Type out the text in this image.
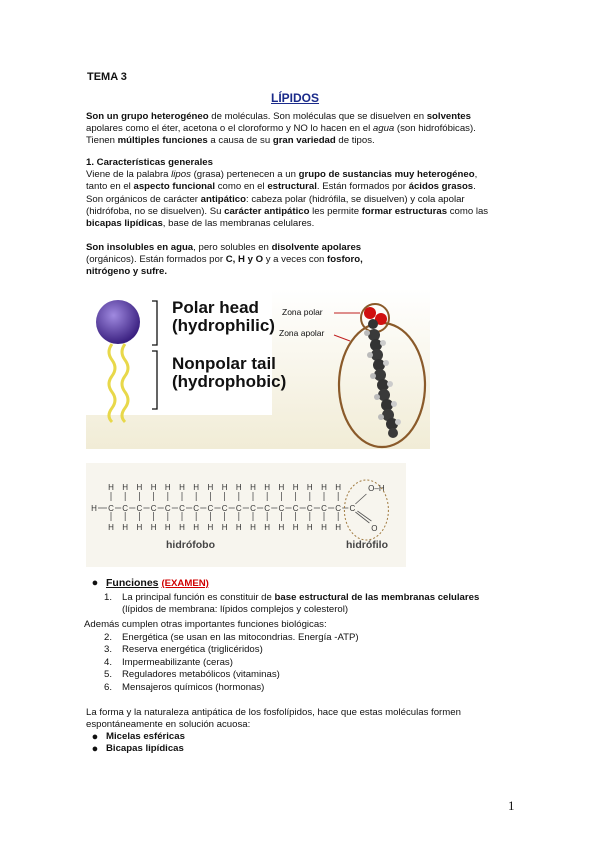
TEMA 3
LÍPIDOS

Son un grupo heterogéneo de moléculas. Son moléculas que se disuelven en solventes

apolares como el éter, acetona o el cloroformo y NO lo hacen en el agua (son hidrofóbicas).

Tienen múltiples funciones a causa de su gran variedad de tipos.

1. Características generales

Viene de la palabra lipos (grasa) pertenecen a un grupo de sustancias muy heterogéneo,

tanto en el aspecto funcional como en el estructural. Están formados por ácidos grasos.

Son orgánicos de carácter antipático: cabeza polar (hidrófila, se disuelven) y cola apolar

(hidrófoba, no se disuelven). Su carácter antipático les permite formar estructuras como las

bicapas lipídicas, base de las membranas celulares.

Son insolubles en agua, pero solubles en disolvente apolares

(orgánicos). Están formados por C, H y O y a veces con fosforo,

nitrógeno y sufre.

Polar head
(hydrophilic)
Nonpolar tail
(hydrophobic)
Zona polar
Zona apolar
H C
H
H
C
H
H
C
H
H
C
H
H
C
H
H
C
H
H
C
H
H
C
H
H
C
H
H
C
H
H
C
H
H
C
H
H
C
H
H
C
H
H
C
H
H
C
H
H
C
H
H
C
O–H
O
hidrófobo	hidrófilo
● Funciones
(EXAMEN)
1.	La principal función es constituir de base estructural de las membranas celulares
(lípidos de membrana: lípidos complejos y colesterol)
Además cumplen otras importantes funciones biológicas:
2.	Energética (se usan en las mitocondrias. Energía -ATP)
3.	Reserva energética (triglicéridos)
4.	Impermeabilizante (ceras)
5.	Reguladores metabólicos (vitaminas)
6.	Mensajeros químicos (hormonas)

La forma y la naturaleza antipática de los fosfolípidos, hace que estas moléculas formen

espontáneamente en solución acuosa:

● Micelas esféricas
● Bicapas lipídicas
1
